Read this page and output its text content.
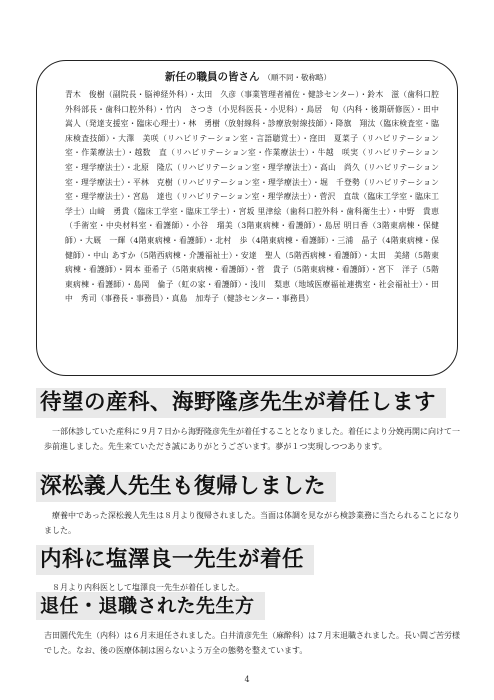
新任の職員の皆さん （順不同・敬称略）

青木　俊樹（副院長・脳神経外科）・太田　久彦（事業管理者補佐・健診センター）・鈴木　滋（歯科口腔外科部長・歯科口腔外科）・竹内　さつき（小児科医長・小児科）・鳥居　旬（内科・後期研修医）・田中　嵩人（発達支援室・臨床心理士）・林　勇樹（放射線科・診療放射線技師）・降旗　翔汰（臨床検査室・臨床検査技師）・大澤　美咲（リハビリテーション室・言語聴覚士）・窪田　夏菜子（リハビリテーション室・作業療法士）・越数　直（リハビリテーション室・作業療法士）・牛越　咲実（リハビリテーション室・理学療法士）・北原　隆広（リハビリテーション室・理学療法士）・高山　尚久（リハビリテーション室・理学療法士）・平林　克樹（リハビリテーション室・理学療法士）・堀　千登勢（リハビリテーション室・理学療法士）・宮島　達也（リハビリテーション室・理学療法士）・菅沢　直哉（臨床工学室・臨床工学士）山﨑　勇貴（臨床工学室・臨床工学士）・宮坂 里津絵（歯科口腔外科・歯科衛生士）・中野　貴恵（手術室・中央材料室・看護師）・小谷　瑠美（3階東病棟・看護師）・島居 明日香（3階東病棟・保健師）・大厩　一輝（4階東病棟・看護師）・北村　歩（4階東病棟・看護師）・三浦　晶子（4階東病棟・保健師）・中山 あすか（5階西病棟・介護福祉士）・安達　聖人（5階西病棟・看護師）・太田　美緒（5階東病棟・看護師）・岡本 亜希子（5階東病棟・看護師）・菅　貴子（5階東病棟・看護師）・宮下　洋子（5階東病棟・看護師）・島岡　倫子（虹の家・看護師）・浅川　梨恵（地域医療福祉連携室・社会福祉士）・田中　秀司（事務長・事務員）・真島　加寿子（健診センター・事務員）

待望の産科、海野隆彦先生が着任します

一部休診していた産科に９月７日から海野隆彦先生が着任することとなりました。着任により分娩再開に向けて一歩前進しました。先生来ていただき誠にありがとうございます。夢が１つ実現しつつあります。

深松義人先生も復帰しました

療養中であった深松義人先生は８月より復帰されました。当面は体調を見ながら検診業務に当たられることになりました。

内科に塩澤良一先生が着任

８月より内科医として塩澤良一先生が着任しました。

退任・退職された先生方

吉田園代先生（内科）は６月末退任されました。白井清彦先生（麻酔科）は７月末退職されました。長い間ご苦労様でした。なお、後の医療体制は困らないよう万全の態勢を整えています。

4
